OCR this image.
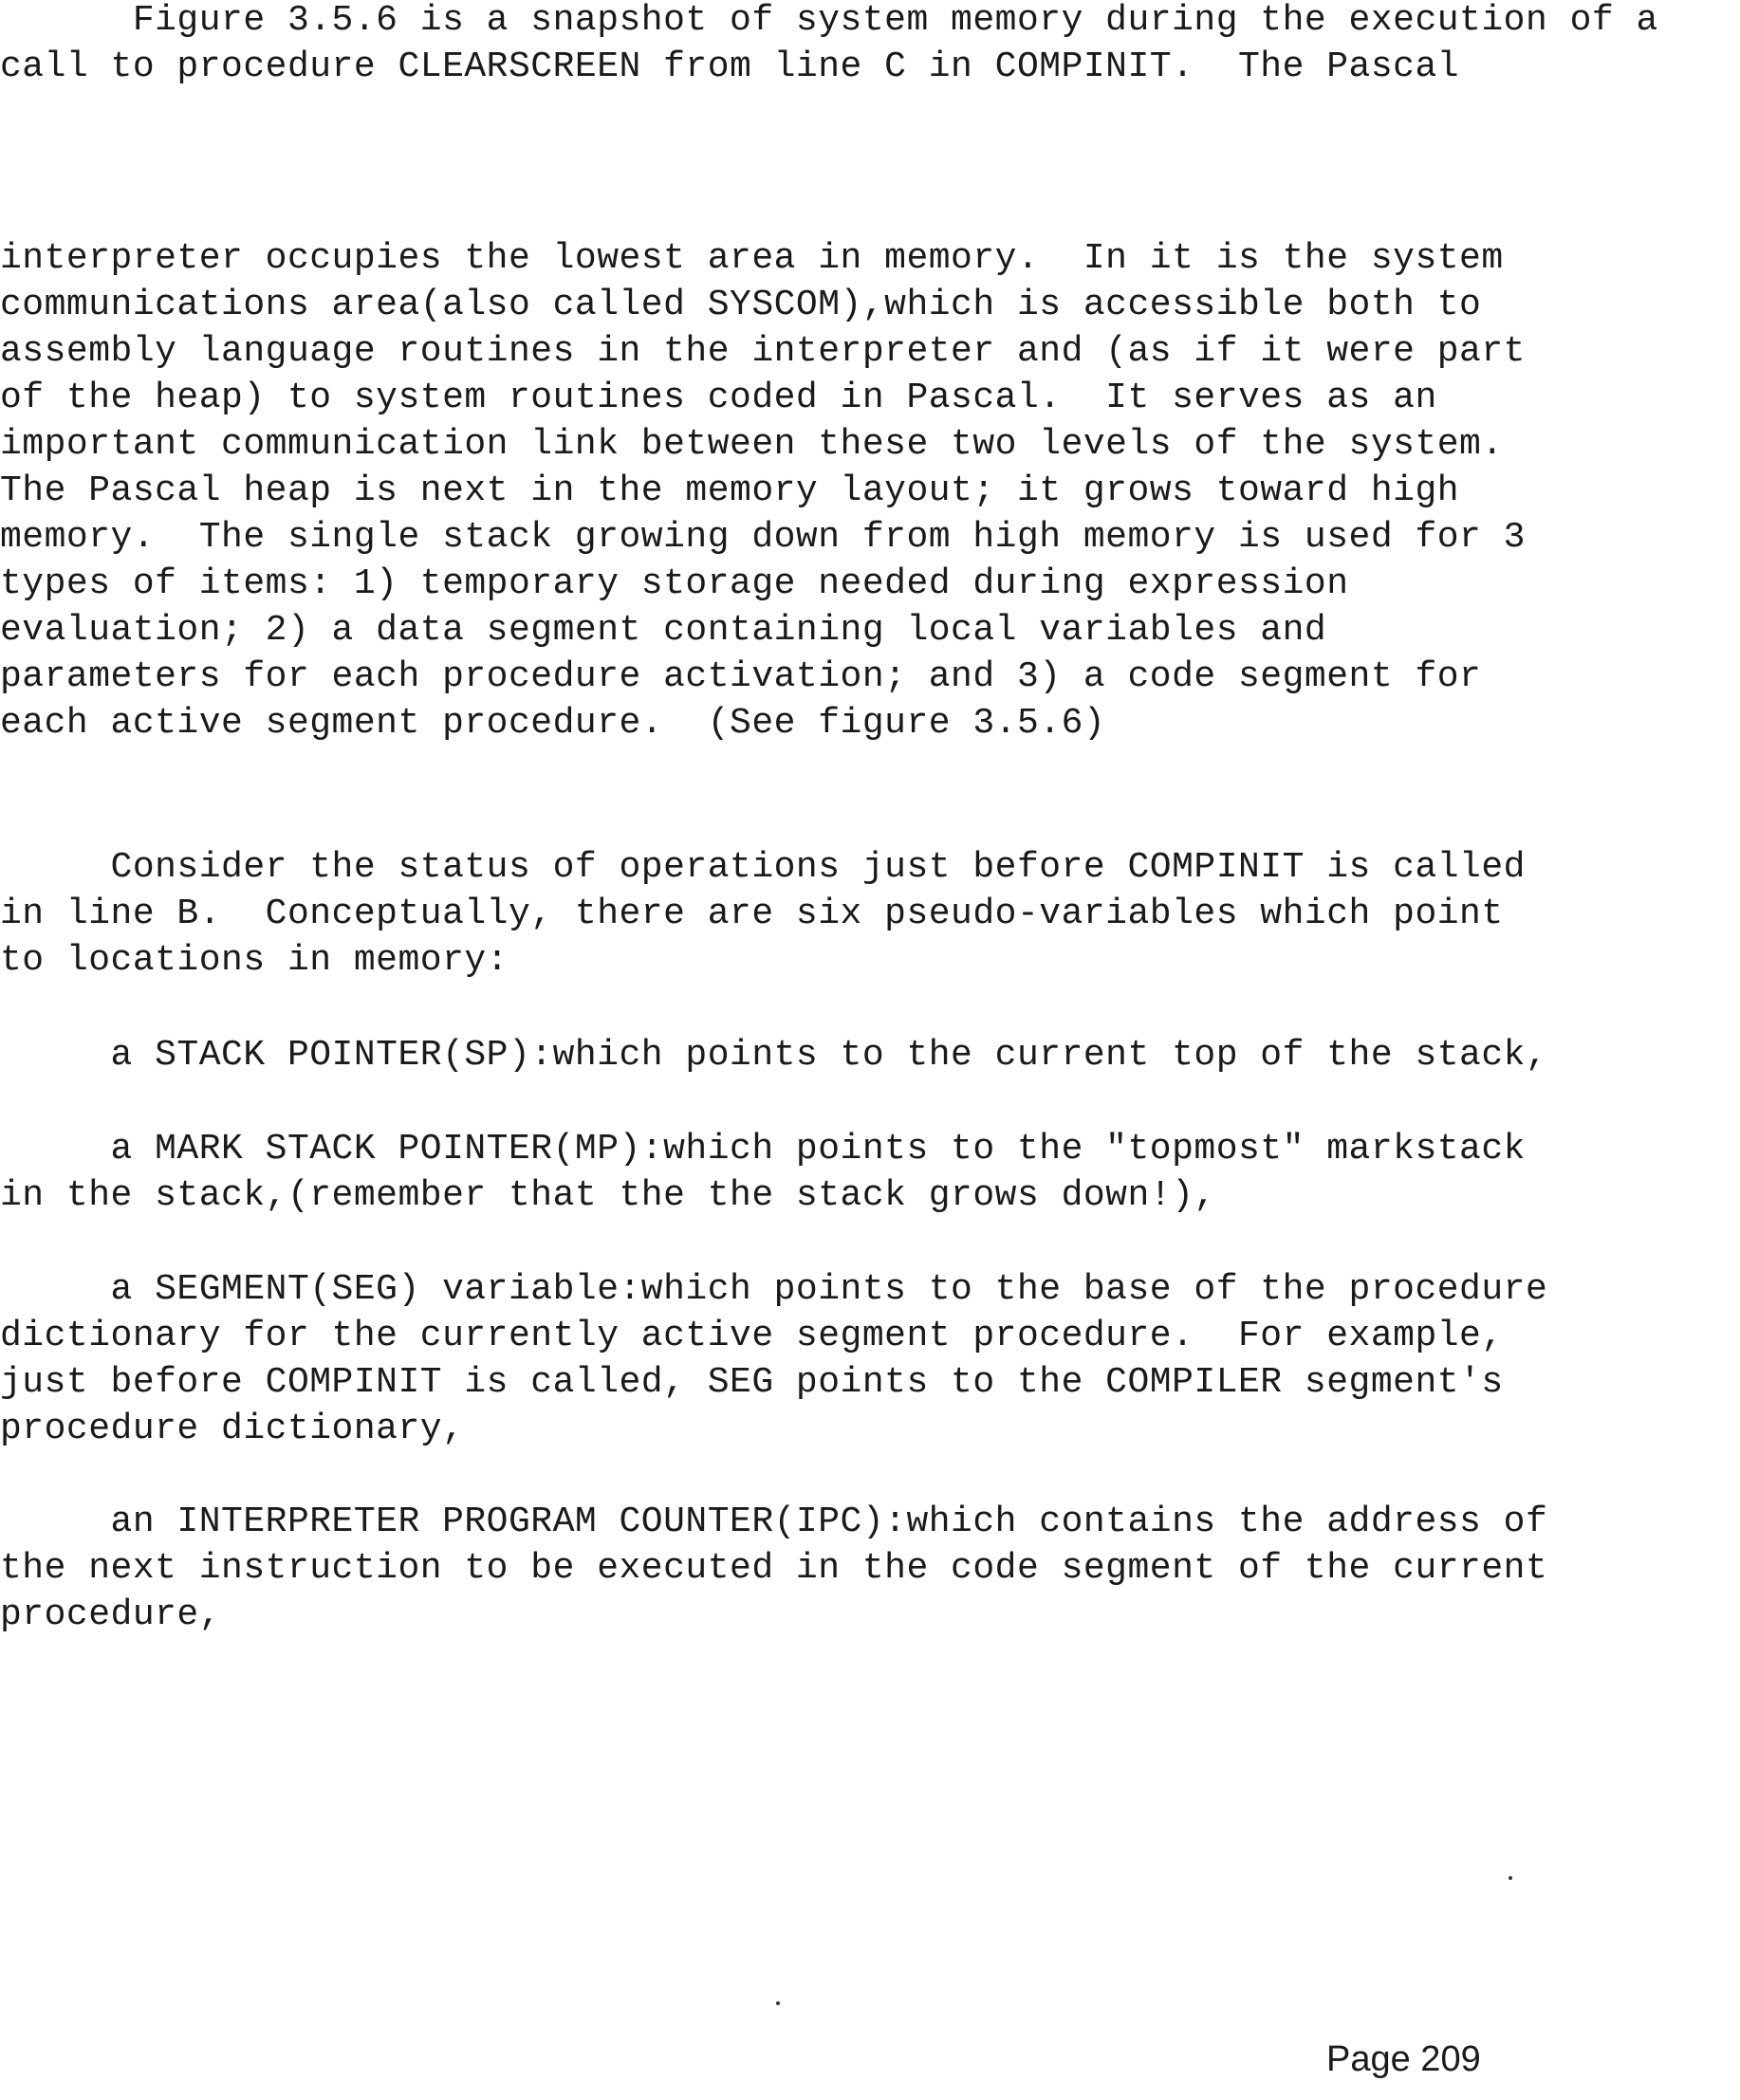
Figure 3.5.6 is a snapshot of system memory during the execution of a
call to procedure CLEARSCREEN from line C in COMPINIT.  The Pascal
interpreter occupies the lowest area in memory.  In it is the system
communications area(also called SYSCOM),which is accessible both to
assembly language routines in the interpreter and (as if it were part
of the heap) to system routines coded in Pascal.  It serves as an
important communication link between these two levels of the system.
The Pascal heap is next in the memory layout; it grows toward high
memory.  The single stack growing down from high memory is used for 3
types of items: 1) temporary storage needed during expression
evaluation; 2) a data segment containing local variables and
parameters for each procedure activation; and 3) a code segment for
each active segment procedure.  (See figure 3.5.6)
Consider the status of operations just before COMPINIT is called
in line B.  Conceptually, there are six pseudo-variables which point
to locations in memory:
a STACK POINTER(SP):which points to the current top of the stack,
a MARK STACK POINTER(MP):which points to the "topmost" markstack
in the stack,(remember that the the stack grows down!),
a SEGMENT(SEG) variable:which points to the base of the procedure
dictionary for the currently active segment procedure.  For example,
just before COMPINIT is called, SEG points to the COMPILER segment's
procedure dictionary,
an INTERPRETER PROGRAM COUNTER(IPC):which contains the address of
the next instruction to be executed in the code segment of the current
procedure,
Page 209
